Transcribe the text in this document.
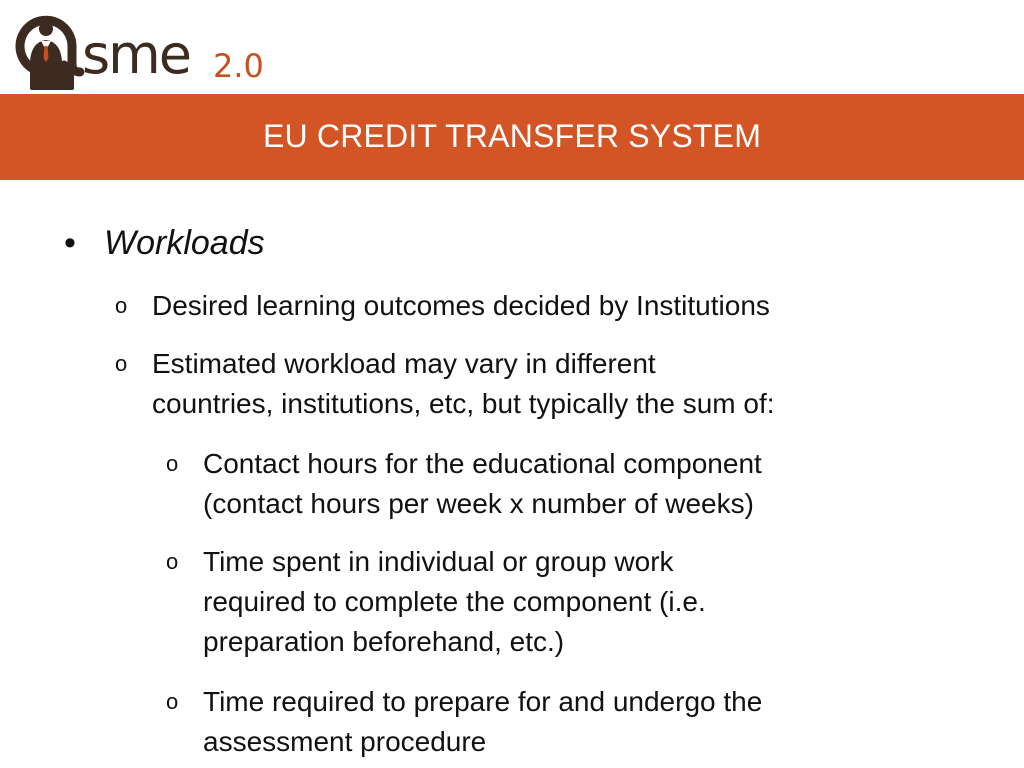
sme 2.0
EU CREDIT TRANSFER SYSTEM
• Workloads
o Desired learning outcomes decided by Institutions
o Estimated workload may vary in different
countries, institutions, etc, but typically the sum of:
o Contact hours for the educational component
(contact hours per week x number of weeks)
o Time spent in individual or group work
required to complete the component (i.e.
preparation beforehand, etc.)
o Time required to prepare for and undergo the
assessment procedure
